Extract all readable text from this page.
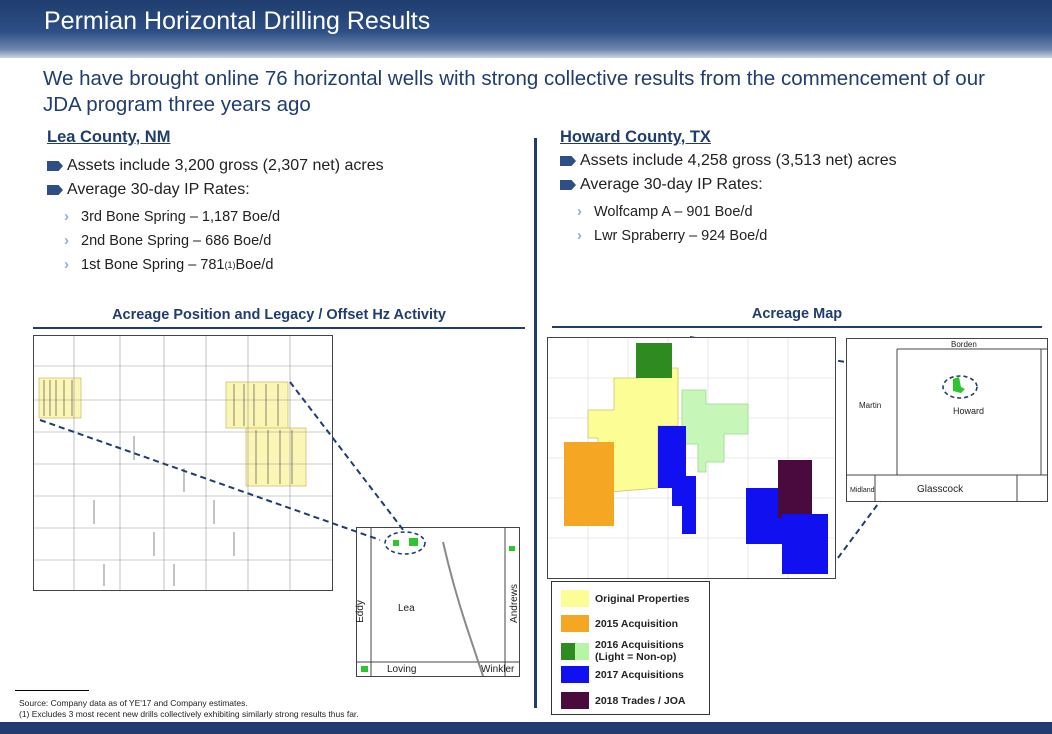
Permian Horizontal Drilling Results
We have brought online 76 horizontal wells with strong collective results from the commencement of our JDA program three years ago
Lea County, NM
Assets include 3,200 gross (2,307 net) acres
Average 30-day IP Rates:
› 3rd Bone Spring – 1,187 Boe/d
› 2nd Bone Spring – 686 Boe/d
› 1st Bone Spring – 781 (1) Boe/d
Howard County, TX
Assets include 4,258 gross (3,513 net) acres
Average 30-day IP Rates:
› Wolfcamp A – 901 Boe/d
› Lwr Spraberry – 924 Boe/d
Acreage Position and Legacy / Offset Hz Activity
Lea
Eddy	Andrews
Loving	Winkler
Acreage Map
Borden
Martin
Howard
Midland	Glasscock
Original Properties
2015 Acquisition
2016 Acquisitions
(Light = Non-op)
2017 Acquisitions
2018 Trades / JOA
Source: Company data as of YE'17 and Company estimates.
(1) Excludes 3 most recent new drills collectively exhibiting similarly strong results thus far.
